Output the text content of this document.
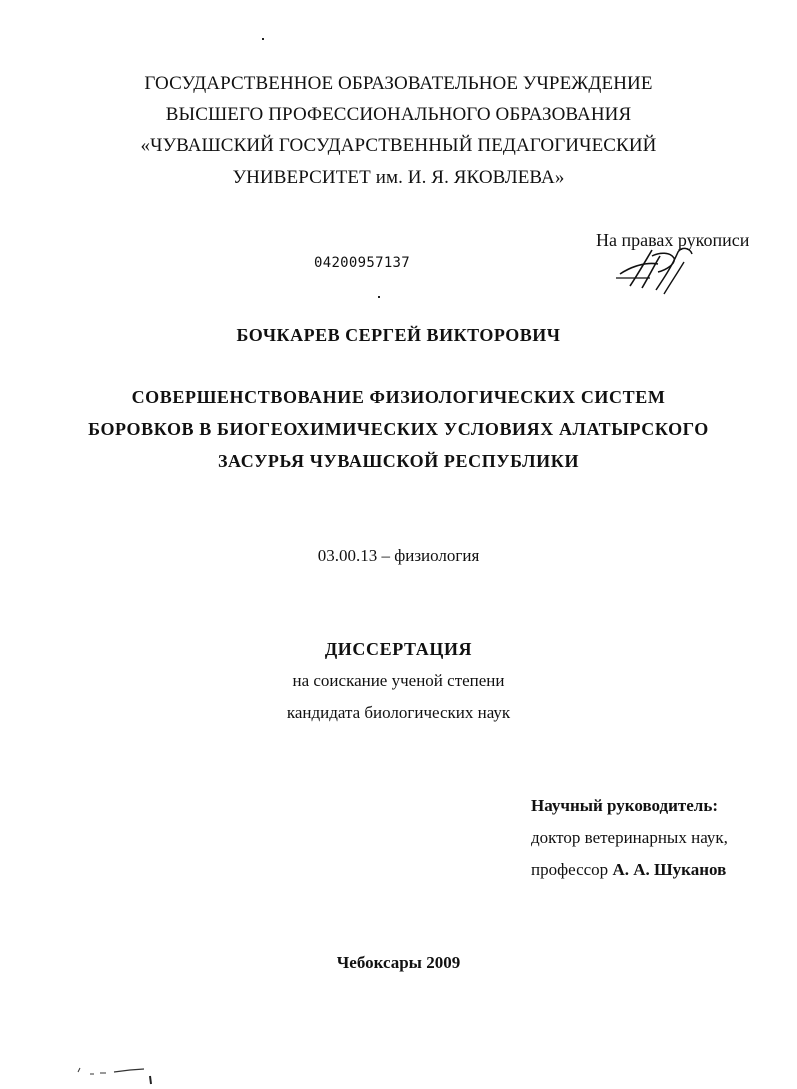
ГОСУДАРСТВЕННОЕ ОБРАЗОВАТЕЛЬНОЕ УЧРЕЖДЕНИЕ
ВЫСШЕГО ПРОФЕССИОНАЛЬНОГО ОБРАЗОВАНИЯ
«ЧУВАШСКИЙ ГОСУДАРСТВЕННЫЙ ПЕДАГОГИЧЕСКИЙ
УНИВЕРСИТЕТ им. И. Я. ЯКОВЛЕВА»
На правах рукописи
04200957137
БОЧКАРЕВ СЕРГЕЙ ВИКТОРОВИЧ
СОВЕРШЕНСТВОВАНИЕ ФИЗИОЛОГИЧЕСКИХ СИСТЕМ
БОРОВКОВ В БИОГЕОХИМИЧЕСКИХ УСЛОВИЯХ АЛАТЫРСКОГО
ЗАСУРЬЯ ЧУВАШСКОЙ РЕСПУБЛИКИ
03.00.13 – физиология
ДИССЕРТАЦИЯ
на соискание ученой степени
кандидата биологических наук
Научный руководитель:
доктор ветеринарных наук,
профессор А. А. Шуканов
Чебоксары 2009
